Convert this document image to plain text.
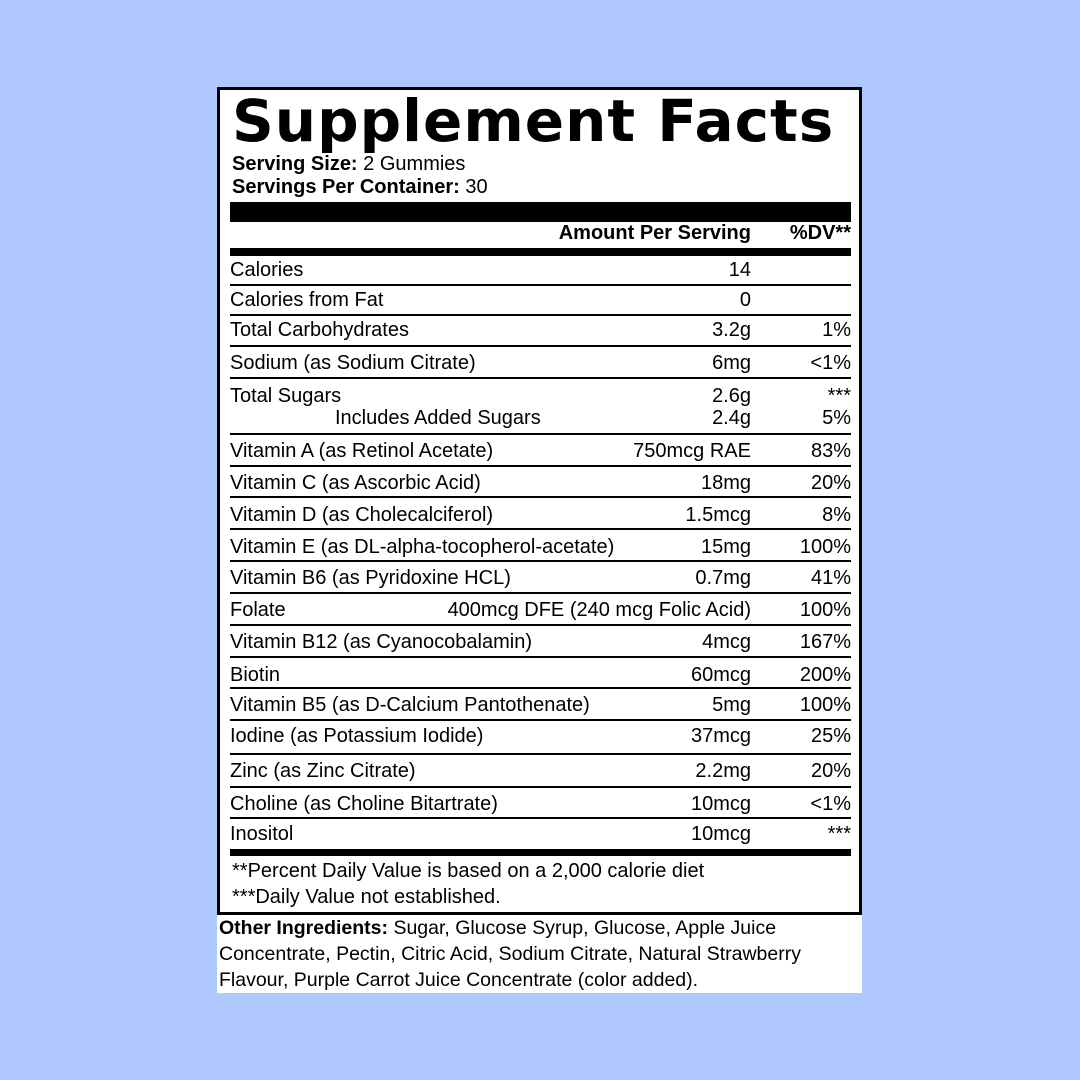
Supplement Facts
Serving Size: 2 Gummies
Servings Per Container: 30
Amount Per Serving %DV**
Calories	14
Calories from Fat	0
Total Carbohydrates	3.2g	1%
Sodium (as Sodium Citrate)	6mg	<1%
Total Sugars	2.6g	***
Includes Added Sugars	2.4g	5%
Vitamin A (as Retinol Acetate)	750mcg RAE	83%
Vitamin C (as Ascorbic Acid)	18mg	20%
Vitamin D (as Cholecalciferol)	1.5mcg	8%
Vitamin E (as DL-alpha-tocopherol-acetate)	15mg 100%
Vitamin B6 (as Pyridoxine HCL)	0.7mg	41%
Folate	400mcg DFE (240 mcg Folic Acid) 100%
Vitamin B12 (as Cyanocobalamin)	4mcg 167%
Biotin	60mcg 200%
Vitamin B5 (as D-Calcium Pantothenate)	5mg 100%
Iodine (as Potassium Iodide)	37mcg	25%
Zinc (as Zinc Citrate)	2.2mg	20%
Choline (as Choline Bitartrate)	10mcg	<1%
Inositol	10mcg	***
**Percent Daily Value is based on a 2,000 calorie diet
***Daily Value not established.
Other Ingredients: Sugar, Glucose Syrup, Glucose, Apple Juice Concentrate, Pectin, Citric Acid, Sodium Citrate, Natural Strawberry Flavour, Purple Carrot Juice Concentrate (color added).
